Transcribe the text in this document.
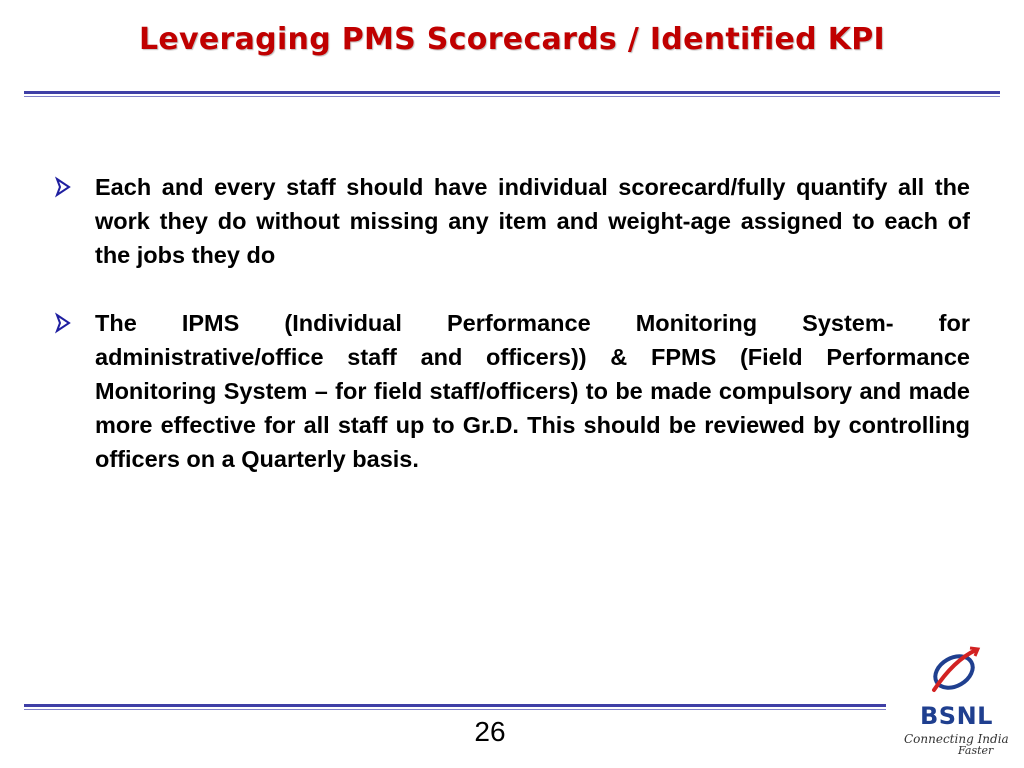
Leveraging PMS Scorecards / Identified KPI
Each and every staff should have individual scorecard/fully quantify all the work they do without missing any item and weight-age assigned to each of the jobs they do
The IPMS (Individual Performance Monitoring System- for administrative/office staff and officers)) & FPMS (Field Performance Monitoring System – for field staff/officers) to be made compulsory and made more effective for all staff up to Gr.D. This should be reviewed by controlling officers on a Quarterly basis.
26	BSNL
Connecting India
Faster
